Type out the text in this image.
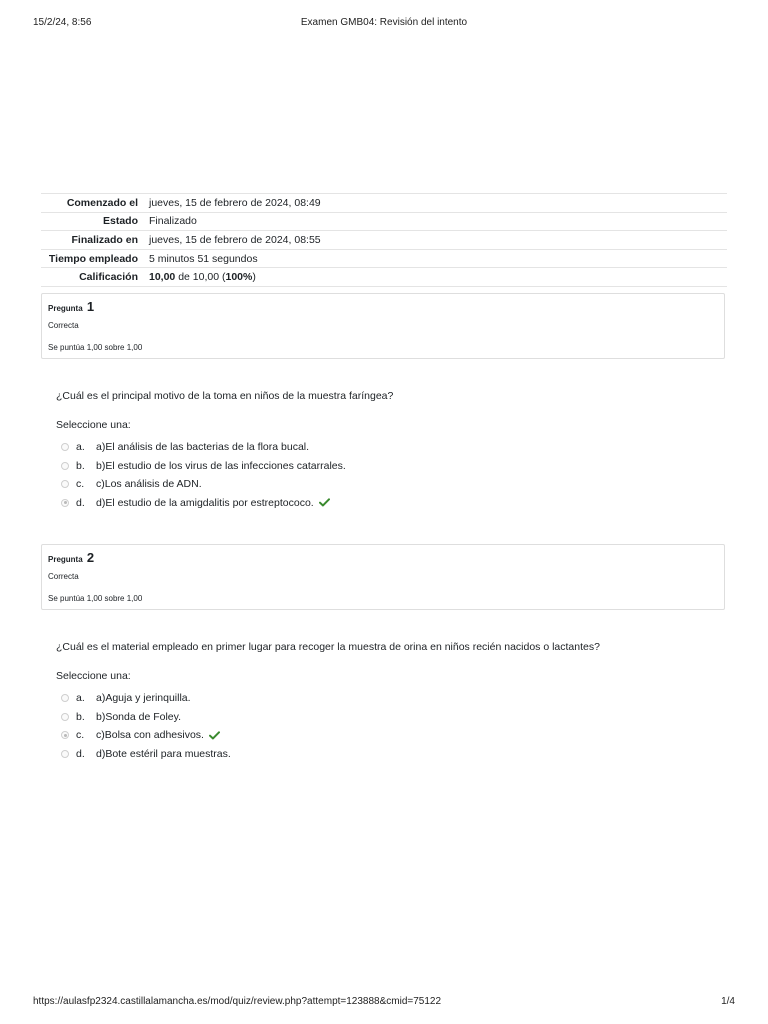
15/2/24, 8:56	Examen GMB04: Revisión del intento
Comenzado el	jueves, 15 de febrero de 2024, 08:49
Estado	Finalizado
Finalizado en	jueves, 15 de febrero de 2024, 08:55
Tiempo empleado	5 minutos 51 segundos
Calificación	10,00 de 10,00 (100%)
Pregunta 1
Correcta
Se puntúa 1,00 sobre 1,00
¿Cuál es el principal motivo de la toma en niños de la muestra faríngea?
Seleccione una:
a.	a)El análisis de las bacterias de la flora bucal.
b.	b)El estudio de los virus de las infecciones catarrales.
c.	c)Los análisis de ADN.
d.	d)El estudio de la amigdalitis por estreptococo.
Pregunta 2
Correcta
Se puntúa 1,00 sobre 1,00
¿Cuál es el material empleado en primer lugar para recoger la muestra de orina en niños recién nacidos o lactantes?
Seleccione una:
a.	a)Aguja y jerinquilla.
b.	b)Sonda de Foley.
c.	c)Bolsa con adhesivos.
d.	d)Bote estéril para muestras.
https://aulasfp2324.castillalamancha.es/mod/quiz/review.php?attempt=123888&cmid=75122	1/4
